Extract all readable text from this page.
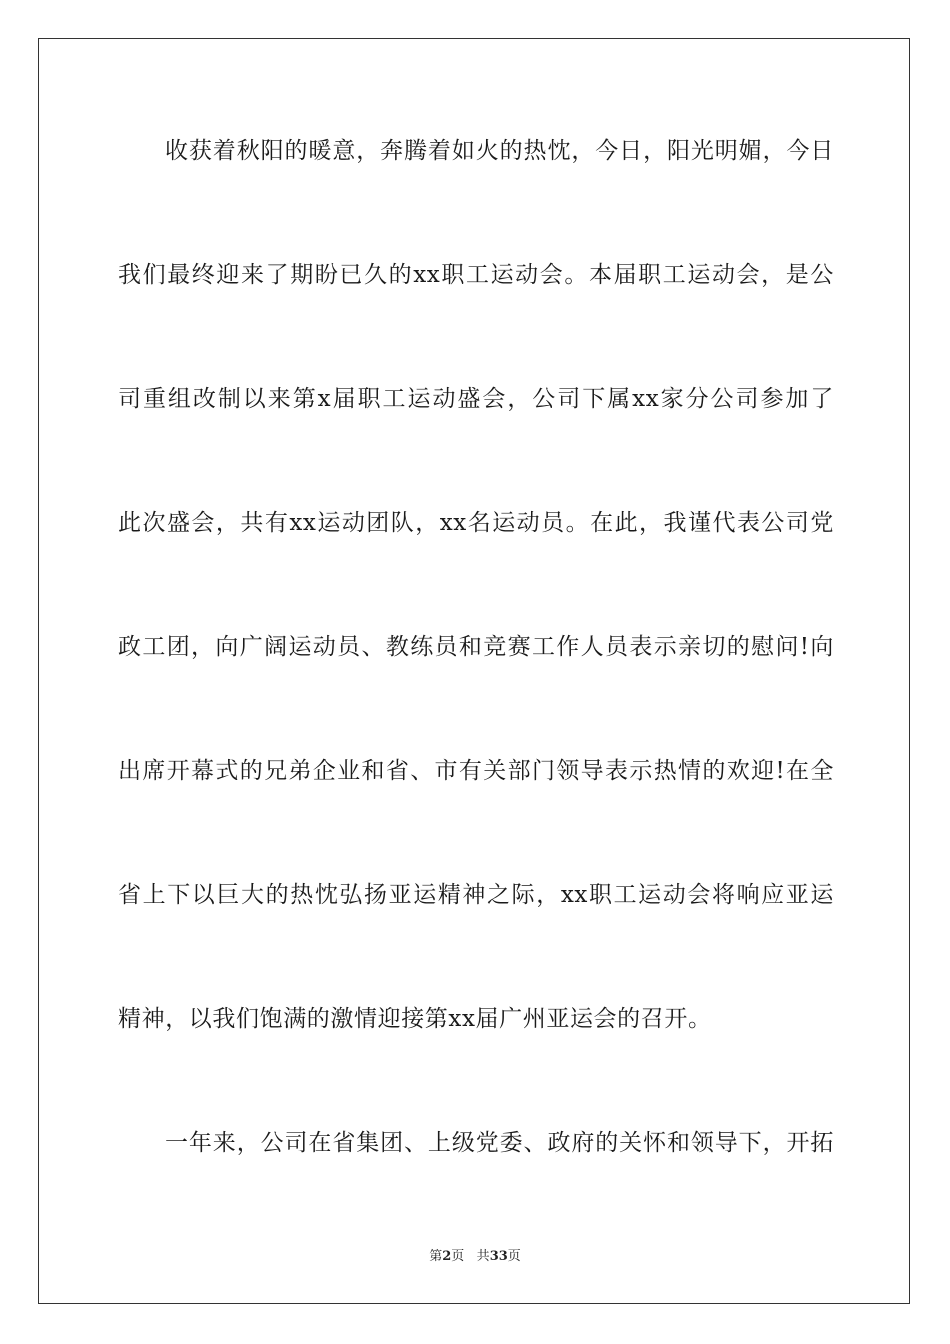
收获着秋阳的暖意，奔腾着如火的热忱，今日，阳光明媚，今日
我们最终迎来了期盼已久的xx职工运动会。本届职工运动会，是公
司重组改制以来第x届职工运动盛会，公司下属xx家分公司参加了
此次盛会，共有xx运动团队，xx名运动员。在此，我谨代表公司党
政工团，向广阔运动员、教练员和竞赛工作人员表示亲切的慰问!向
出席开幕式的兄弟企业和省、市有关部门领导表示热情的欢迎!在全
省上下以巨大的热忱弘扬亚运精神之际，xx职工运动会将响应亚运
精神，以我们饱满的激情迎接第xx届广州亚运会的召开。
一年来，公司在省集团、上级党委、政府的关怀和领导下，开拓
第2页 共33页
